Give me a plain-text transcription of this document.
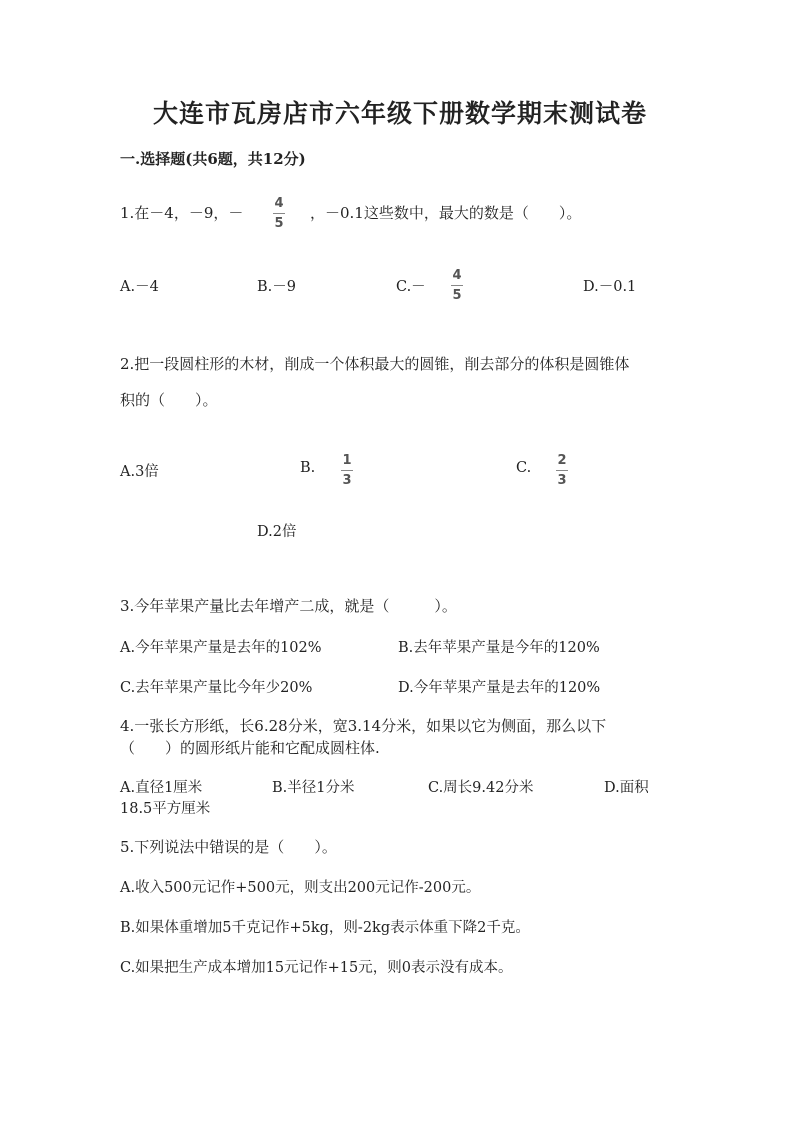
大连市瓦房店市六年级下册数学期末测试卷
一.选择题(共6题，共12分)
1.在－4，－9，－
4
5
，－0.1这些数中，最大的数是（　　）。
A.－4	B.－9	C.－
4
5
D.－0.1
2.把一段圆柱形的木材，削成一个体积最大的圆锥，削去部分的体积是圆锥体
积的（　　）。
A.3倍	B. 1
3
C. 2
3
D.2倍
3.今年苹果产量比去年增产二成，就是（　　　）。
A.今年苹果产量是去年的102%	B.去年苹果产量是今年的120%
C.去年苹果产量比今年少20%	D.今年苹果产量是去年的120%
4.一张长方形纸，长6.28分米，宽3.14分米，如果以它为侧面，那么以下
（　　）的圆形纸片能和它配成圆柱体.
A.直径1厘米	B.半径1分米	C.周长9.42分米	D.面积
18.5平方厘米
5.下列说法中错误的是（　　）。
A.收入500元记作+500元，则支出200元记作-200元。
B.如果体重增加5千克记作+5kg，则-2kg表示体重下降2千克。
C.如果把生产成本增加15元记作+15元，则0表示没有成本。
